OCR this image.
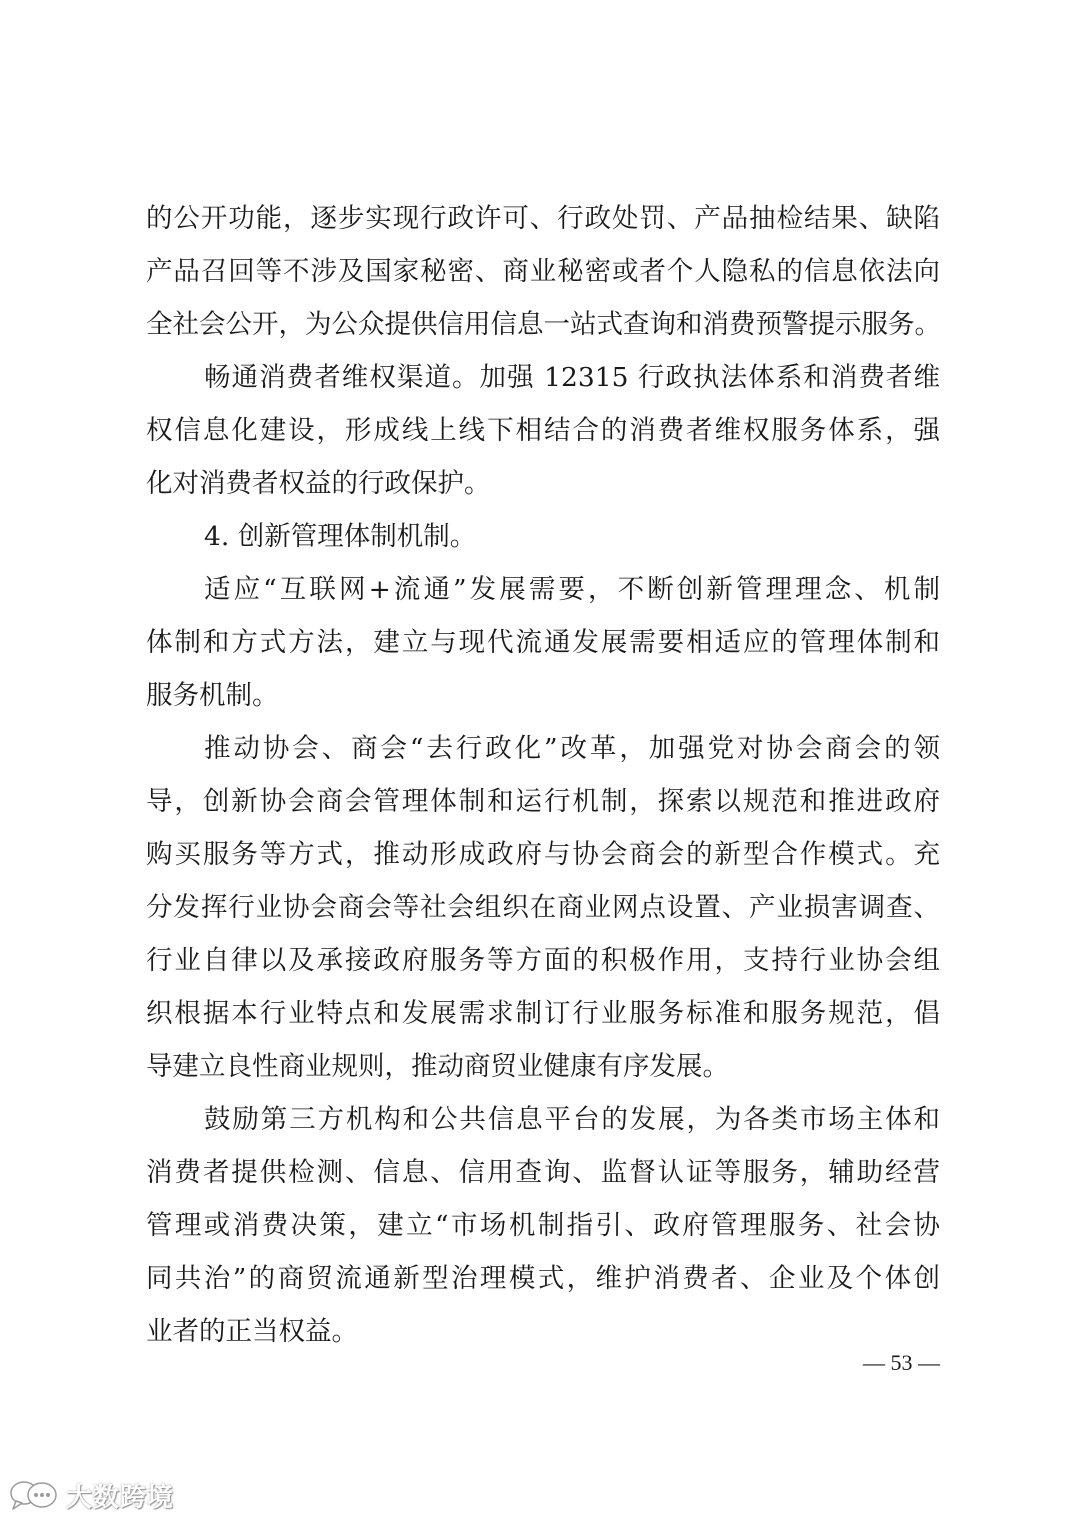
的公开功能，逐步实现行政许可、行政处罚、产品抽检结果、缺陷
产品召回等不涉及国家秘密、商业秘密或者个人隐私的信息依法向
全社会公开，为公众提供信用信息一站式查询和消费预警提示服务。
畅通消费者维权渠道。加强 12315 行政执法体系和消费者维
权信息化建设，形成线上线下相结合的消费者维权服务体系，强
化对消费者权益的行政保护。
4. 创新管理体制机制。
适应“互联网+流通”发展需要，不断创新管理理念、机制
体制和方式方法，建立与现代流通发展需要相适应的管理体制和
服务机制。
推动协会、商会“去行政化”改革，加强党对协会商会的领
导，创新协会商会管理体制和运行机制，探索以规范和推进政府
购买服务等方式，推动形成政府与协会商会的新型合作模式。充
分发挥行业协会商会等社会组织在商业网点设置、产业损害调查、
行业自律以及承接政府服务等方面的积极作用，支持行业协会组
织根据本行业特点和发展需求制订行业服务标准和服务规范，倡
导建立良性商业规则，推动商贸业健康有序发展。
鼓励第三方机构和公共信息平台的发展，为各类市场主体和
消费者提供检测、信息、信用查询、监督认证等服务，辅助经营
管理或消费决策，建立“市场机制指引、政府管理服务、社会协
同共治”的商贸流通新型治理模式，维护消费者、企业及个体创
业者的正当权益。
— 53 —
大数跨境
